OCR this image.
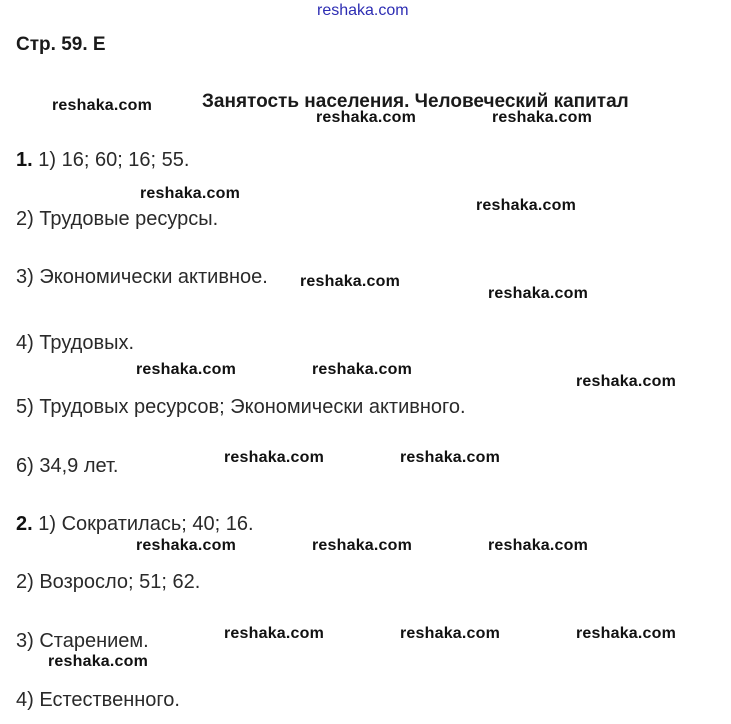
reshaka.com
Стр. 59. Е
Занятость населения. Человеческий капитал
1. 1) 16; 60; 16; 55.
2) Трудовые ресурсы.
3) Экономически активное.
4) Трудовых.
5) Трудовых ресурсов; Экономически активного.
6) 34,9 лет.
2. 1) Сократилась; 40; 16.
2) Возросло; 51; 62.
3) Старением.
4) Естественного.
reshaka.com
reshaka.com	reshaka.com
reshaka.com
reshaka.com
reshaka.com
reshaka.com
reshaka.com	reshaka.com
reshaka.com
reshaka.com	reshaka.com
reshaka.com	reshaka.com	reshaka.com
reshaka.com	reshaka.com	reshaka.com
reshaka.com
